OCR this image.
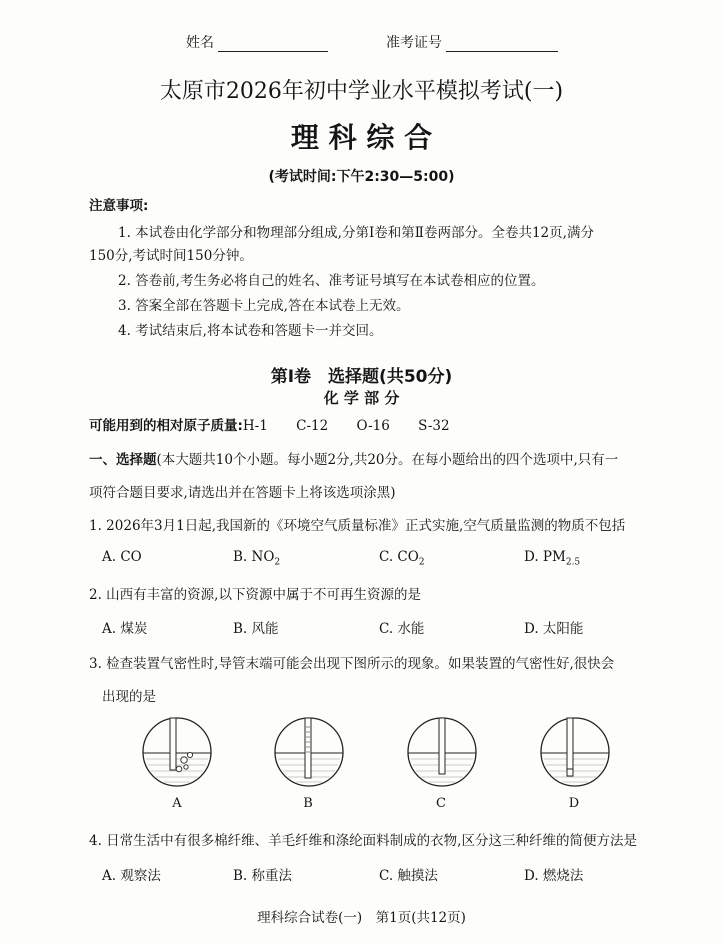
姓名	准考证号
太原市2026年初中学业水平模拟考试(一)
理 科 综 合
(考试时间:下午2:30—5:00)
注意事项:
1. 本试卷由化学部分和物理部分组成,分第Ⅰ卷和第Ⅱ卷两部分。全卷共12页,满分
150分,考试时间150分钟。
2. 答卷前,考生务必将自己的姓名、准考证号填写在本试卷相应的位置。
3. 答案全部在答题卡上完成,答在本试卷上无效。
4. 考试结束后,将本试卷和答题卡一并交回。
第Ⅰ卷　选择题(共50分)
化 学 部 分
可能用到的相对原子质量:H-1 C-12 O-16 S-32
一、选择题(本大题共10个小题。每小题2分,共20分。在每小题给出的四个选项中,只有一
项符合题目要求,请选出并在答题卡上将该选项涂黑)
1. 2026年3月1日起,我国新的《环境空气质量标准》正式实施,空气质量监测的物质不包括
A. CO	B. $NO_2$	C. $CO_2$	D. $PM_{2.5}$
2. 山西有丰富的资源,以下资源中属于不可再生资源的是
A. 煤炭	B. 风能	C. 水能	D. 太阳能
3. 检查装置气密性时,导管末端可能会出现下图所示的现象。如果装置的气密性好,很快会
出现的是
A	B	C	D
4. 日常生活中有很多棉纤维、羊毛纤维和涤纶面料制成的衣物,区分这三种纤维的简便方法是
A. 观察法	B. 称重法	C. 触摸法	D. 燃烧法
理科综合试卷(一)　第1页(共12页)
